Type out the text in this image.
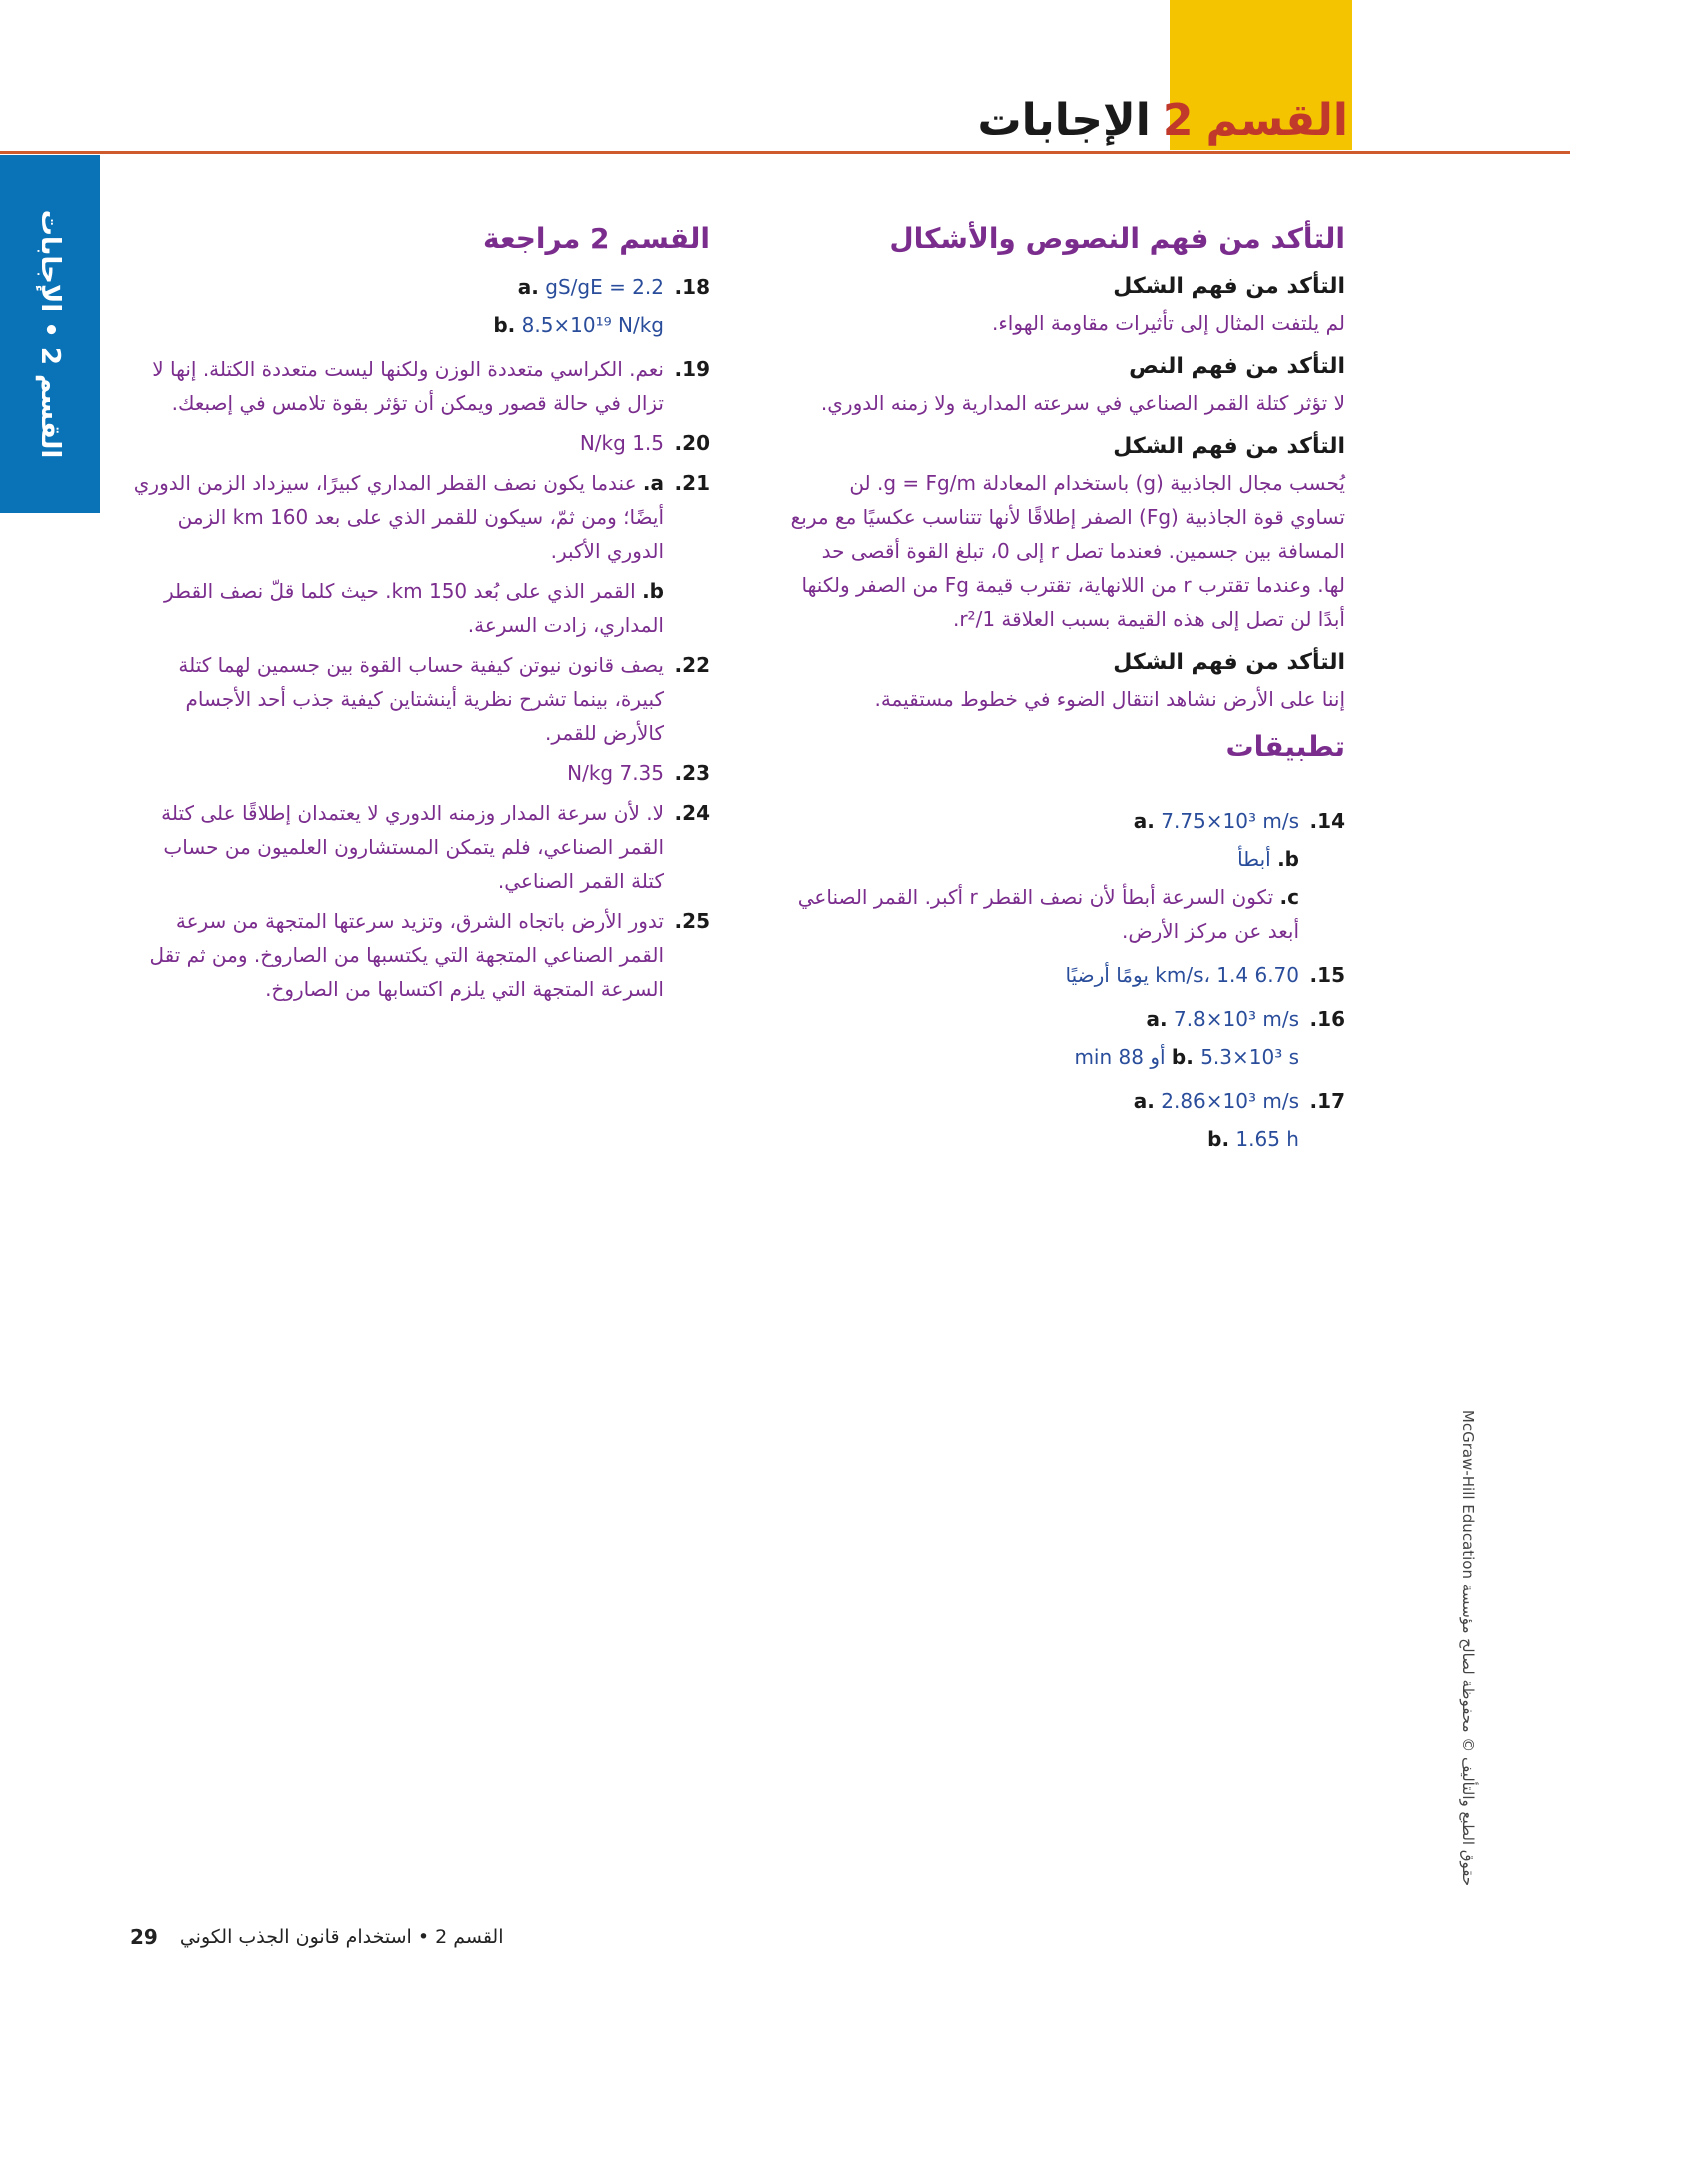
القسم2الإجابات
القسم 2 • الإجابات
التأكد من فهم النصوص والأشكال
التأكد من فهم الشكل

لم يلتفت المثال إلى تأثيرات مقاومة الهواء.

التأكد من فهم النص

لا تؤثر كتلة القمر الصناعي في سرعته المدارية ولا زمنه الدوري.

التأكد من فهم الشكل

يُحسب مجال الجاذبية (g) باستخدام المعادلة g = Fg/m. لن تساوي قوة الجاذبية (Fg) الصفر إطلاقًا لأنها تتناسب عكسيًا مع مربع المسافة بين جسمين. فعندما تصل r إلى 0، تبلغ القوة أقصى حد لها. وعندما تقترب r من اللانهاية، تقترب قيمة Fg من الصفر ولكنها أبدًا لن تصل إلى هذه القيمة بسبب العلاقة 1/r².

التأكد من فهم الشكل

إننا على الأرض نشاهد انتقال الضوء في خطوط مستقيمة.

تطبيقات
14.
a. 7.75×10³ m/s
b. أبطأ
c. تكون السرعة أبطأ لأن نصف القطر r أكبر. القمر الصناعي أبعد عن مركز الأرض.
15.
6.70 km/s، 1.4 يومًا أرضيًا
16.
a. 7.8×10³ m/s
b. 5.3×10³ s أو 88 min
17.
a. 2.86×10³ m/s
b. 1.65 h
القسم 2 مراجعة
18.
a. gS/gE = 2.2
b. 8.5×10¹⁹ N/kg
19.
نعم. الكراسي متعددة الوزن ولكنها ليست متعددة الكتلة. إنها لا تزال في حالة قصور ويمكن أن تؤثر بقوة تلامس في إصبعك.
20.
1.5 N/kg
21.
a. عندما يكون نصف القطر المداري كبيرًا، سيزداد الزمن الدوري أيضًا؛ ومن ثمّ، سيكون للقمر الذي على بعد 160 km الزمن الدوري الأكبر.
b. القمر الذي على بُعد 150 km. حيث كلما قلّ نصف القطر المداري، زادت السرعة.
22.
يصف قانون نيوتن كيفية حساب القوة بين جسمين لهما كتلة كبيرة، بينما تشرح نظرية أينشتاين كيفية جذب أحد الأجسام كالأرض للقمر.
23.
7.35 N/kg
24.
لا. لأن سرعة المدار وزمنه الدوري لا يعتمدان إطلاقًا على كتلة القمر الصناعي، فلم يتمكن المستشارون العلميون من حساب كتلة القمر الصناعي.
25.
تدور الأرض باتجاه الشرق، وتزيد سرعتها المتجهة من سرعة القمر الصناعي المتجهة التي يكتسبها من الصاروخ. ومن ثم تقل السرعة المتجهة التي يلزم اكتسابها من الصاروخ.
حقوق الطبع والتأليف © محفوظة لصالح مؤسسة McGraw-Hill Education
29 القسم 2 • استخدام قانون الجذب الكوني
